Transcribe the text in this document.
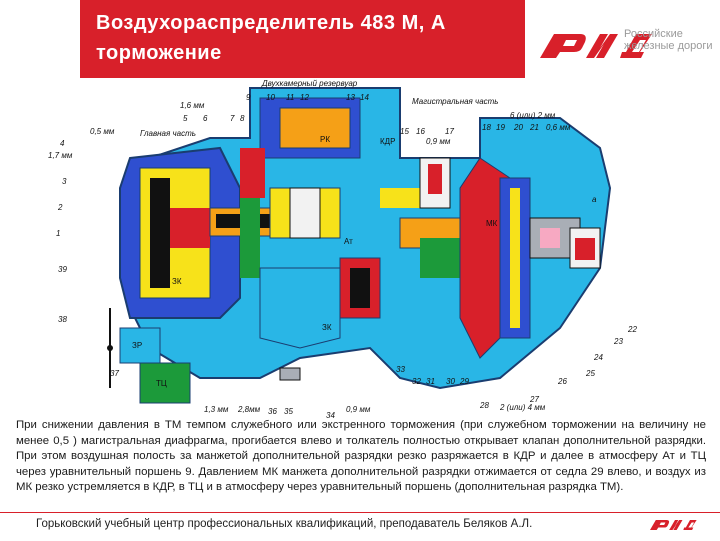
Воздухораспределитель 483 М, А
торможение
Российские
железные дороги
Двухкамерный резервуар
Магистральная часть
Главная часть
1,6 мм
0,5 мм
1,7 мм
9 10 11 12	13 14
5 6	7 8
4
3
2
1
39
38
37
15 16	17
0,9 мм
6 (или) 2 мм
18 19 20 21 0,6 мм
КДР
РК
ЗК
ЗК
МК
ЗР
ТЦ
Ат
а
22
23
24
25
26
27
28
29
30
31
32
33
34
35
36
1,3 мм 2,8мм	0,9 мм	2 (или) 4 мм
При снижении давления в ТМ темпом служебного или экстренного торможения (при служебном торможении на величину не менее 0,5 ) магистральная диафрагма, прогибается влево и толкатель полностью открывает клапан дополнительной разрядки. При этом воздушная полость за манжетой дополнительной разрядки резко разряжается в КДР и далее в атмосферу Ат и ТЦ через уравнительный поршень 9. Давлением МК манжета дополнительной разрядки отжимается от седла 29 влево, и воздух из МК резко устремляется в КДР, в ТЦ и в атмосферу через уравнительный поршень (дополнительная разрядка ТМ).
Горьковский учебный центр профессиональных квалификаций, преподаватель Беляков А.Л.
